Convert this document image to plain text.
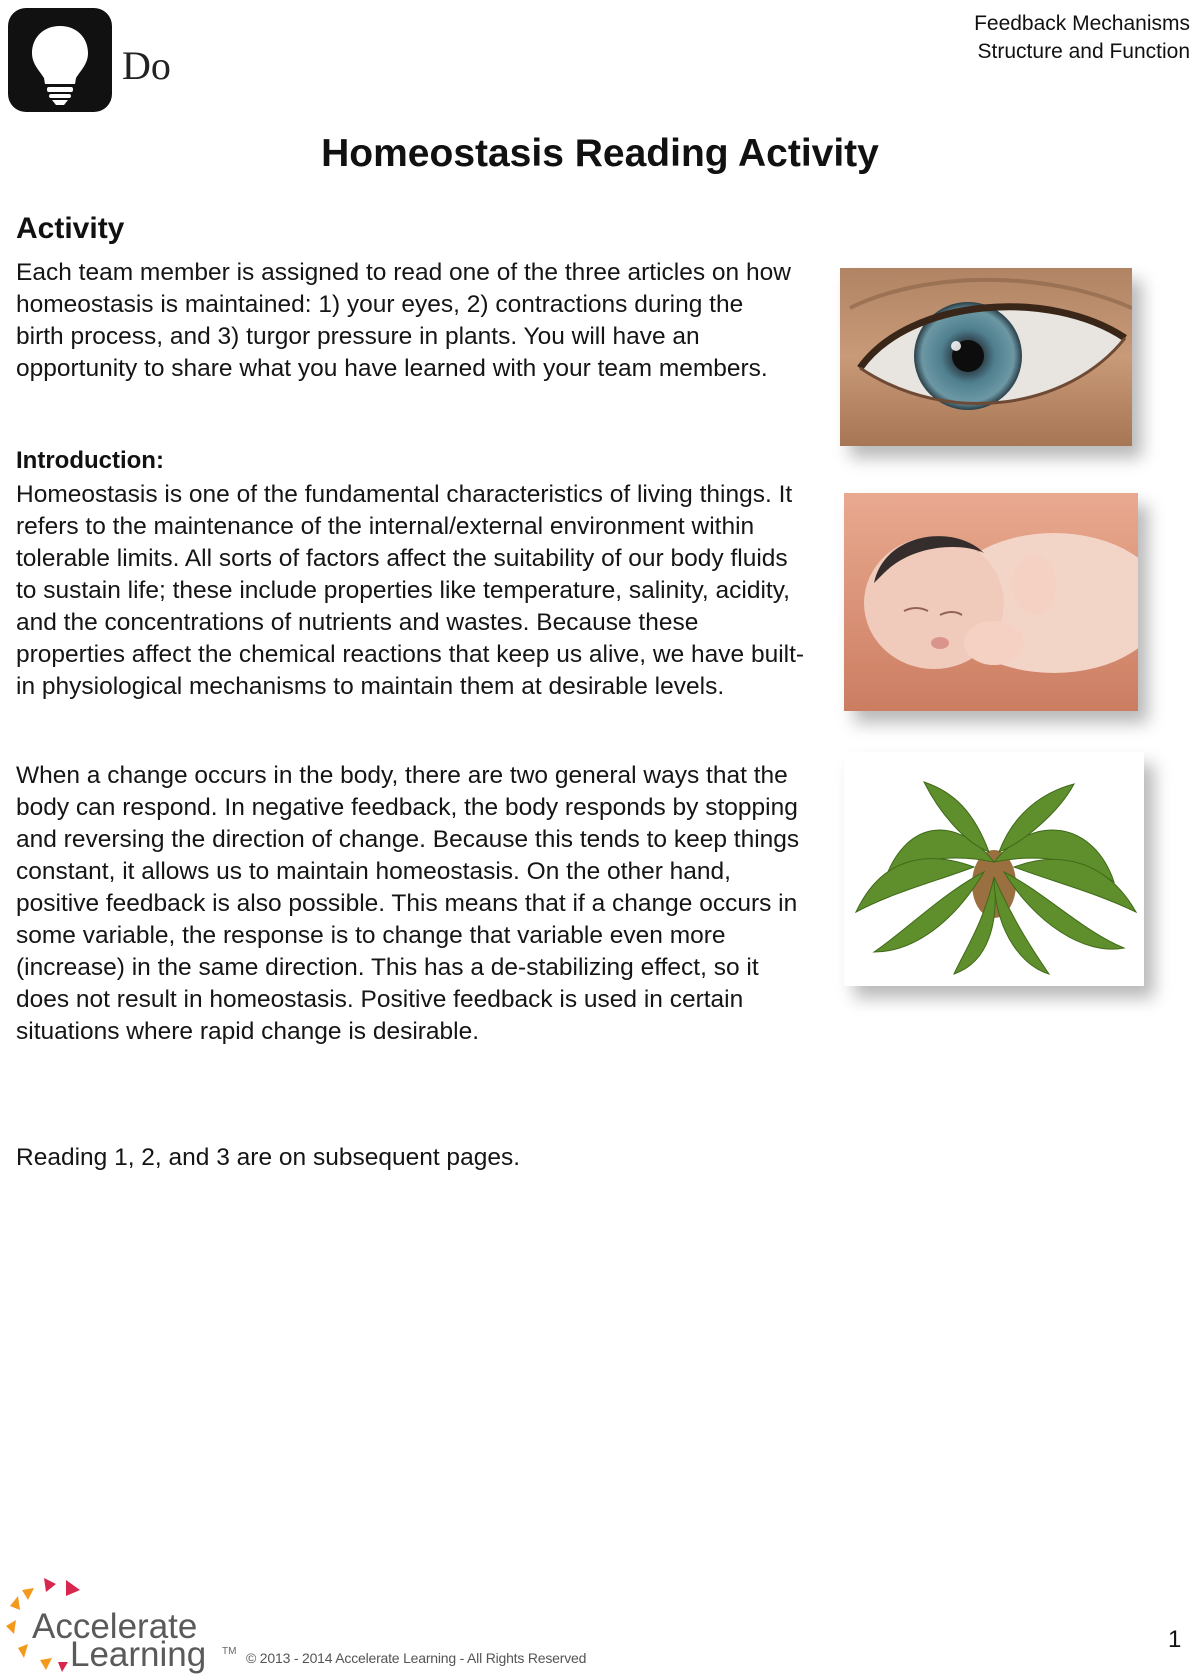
Do
Feedback Mechanisms
Structure and Function
Homeostasis Reading Activity
Activity
Each team member is assigned to read one of the three articles on how homeostasis is maintained: 1) your eyes, 2) contractions during the birth process, and 3) turgor pressure in plants. You will have an opportunity to share what you have learned with your team members.
Introduction:
Homeostasis is one of the fundamental characteristics of living things. It refers to the maintenance of the internal/external environment within tolerable limits. All sorts of factors affect the suitability of our body fluids to sustain life; these include properties like temperature, salinity, acidity, and the concentrations of nutrients and wastes. Because these properties affect the chemical reactions that keep us alive, we have built-in physiological mechanisms to maintain them at desirable levels.
When a change occurs in the body, there are two general ways that the body can respond. In negative feedback, the body responds by stopping and reversing the direction of change. Because this tends to keep things constant, it allows us to maintain homeostasis. On the other hand, positive feedback is also possible. This means that if a change occurs in some variable, the response is to change that variable even more (increase) in the same direction. This has a de-stabilizing effect, so it does not result in homeostasis. Positive feedback is used in certain situations where rapid change is desirable.
Reading 1, 2, and 3 are on subsequent pages.
Accelerate
Learning TM © 2013 - 2014 Accelerate Learning - All Rights Reserved
1
